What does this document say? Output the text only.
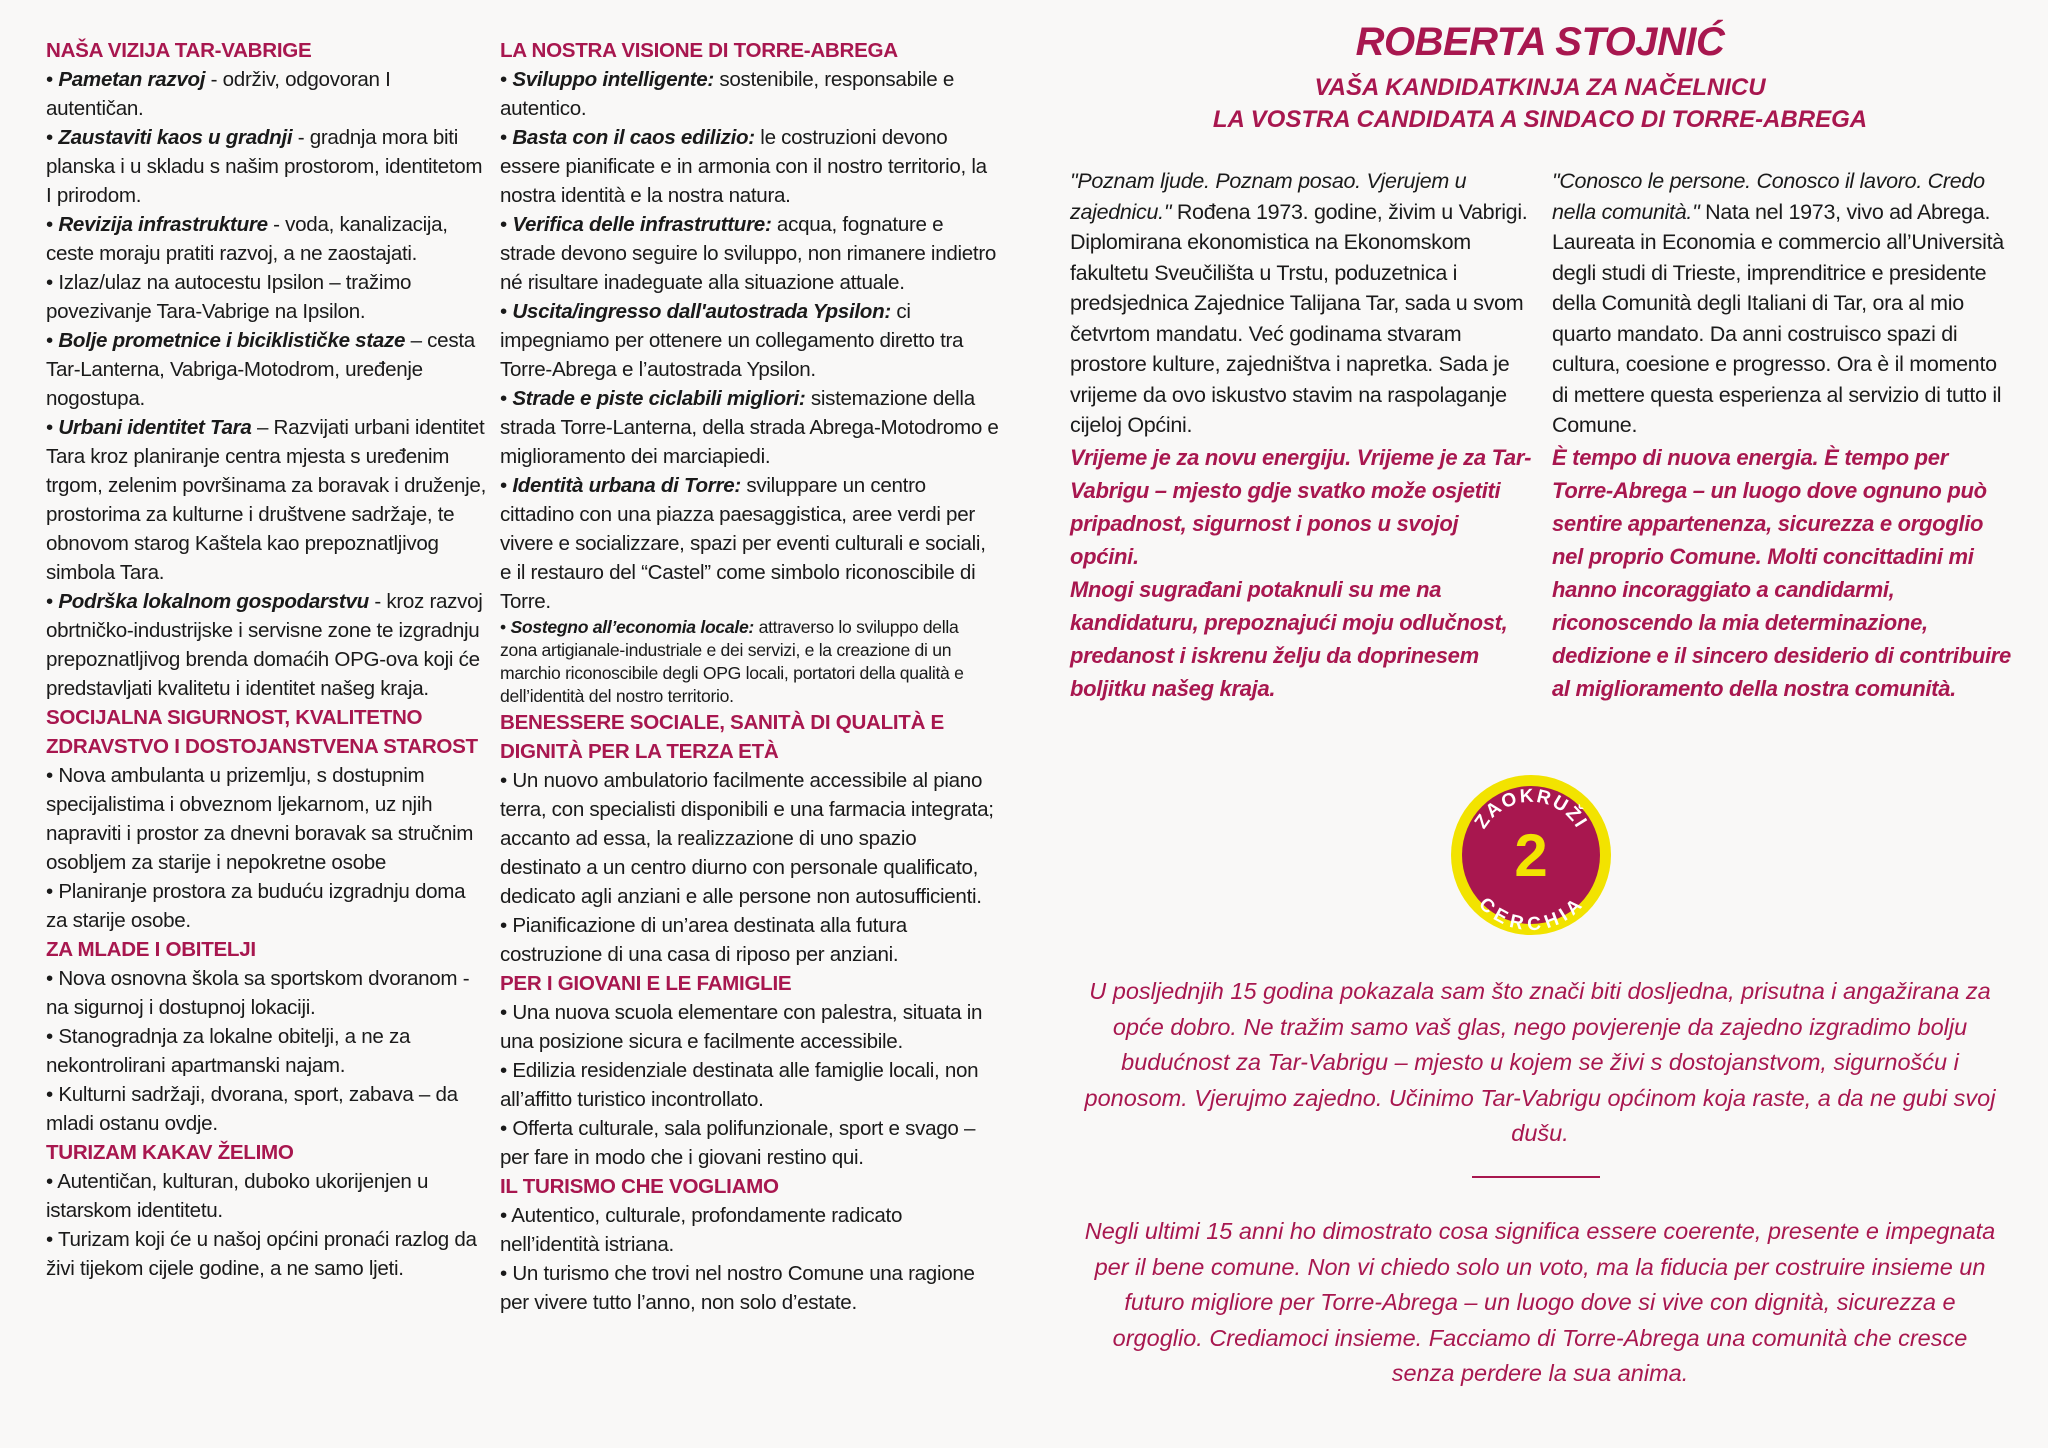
NAŠA VIZIJA TAR-VABRIGE
• Pametan razvoj - održiv, odgovoran I autentičan.
• Zaustaviti kaos u gradnji - gradnja mora biti planska i u skladu s našim prostorom, identitetom I prirodom.
• Revizija infrastrukture - voda, kanalizacija, ceste moraju pratiti razvoj, a ne zaostajati.
• Izlaz/ulaz na autocestu Ipsilon – tražimo povezivanje Tara-Vabrige na Ipsilon.
• Bolje prometnice i biciklističke staze – cesta Tar-Lanterna, Vabriga-Motodrom, uređenje nogostupa.
• Urbani identitet Tara – Razvijati urbani identitet Tara kroz planiranje centra mjesta s uređenim trgom, zelenim površinama za boravak i druženje, prostorima za kulturne i društvene sadržaje, te obnovom starog Kaštela kao prepoznatljivog simbola Tara.
• Podrška lokalnom gospodarstvu - kroz razvoj obrtničko-industrijske i servisne zone te izgradnju prepoznatljivog brenda domaćih OPG-ova koji će predstavljati kvalitetu i identitet našeg kraja.
SOCIJALNA SIGURNOST, KVALITETNO ZDRAVSTVO I DOSTOJANSTVENA STAROST
• Nova ambulanta u prizemlju, s dostupnim specijalistima i obveznom ljekarnom, uz njih napraviti i prostor za dnevni boravak sa stručnim osobljem za starije i nepokretne osobe
• Planiranje prostora za buduću izgradnju doma za starije osobe.
ZA MLADE I OBITELJI
• Nova osnovna škola sa sportskom dvoranom - na sigurnoj i dostupnoj lokaciji.
• Stanogradnja za lokalne obitelji, a ne za nekontrolirani apartmanski najam.
• Kulturni sadržaji, dvorana, sport, zabava – da mladi ostanu ovdje.
TURIZAM KAKAV ŽELIMO
• Autentičan, kulturan, duboko ukorijenjen u istarskom identitetu.
• Turizam koji će u našoj općini pronaći razlog da živi tijekom cijele godine, a ne samo ljeti.
LA NOSTRA VISIONE DI TORRE-ABREGA
• Sviluppo intelligente: sostenibile, responsabile e autentico.
• Basta con il caos edilizio: le costruzioni devono essere pianificate e in armonia con il nostro territorio, la nostra identità e la nostra natura.
• Verifica delle infrastrutture: acqua, fognature e strade devono seguire lo sviluppo, non rimanere indietro né risultare inadeguate alla situazione attuale.
• Uscita/ingresso dall'autostrada Ypsilon: ci impegniamo per ottenere un collegamento diretto tra Torre-Abrega e l’autostrada Ypsilon.
• Strade e piste ciclabili migliori: sistemazione della strada Torre-Lanterna, della strada Abrega-Motodromo e miglioramento dei marciapiedi.
• Identità urbana di Torre: sviluppare un centro cittadino con una piazza paesaggistica, aree verdi per vivere e socializzare, spazi per eventi culturali e sociali, e il restauro del “Castel” come simbolo riconoscibile di Torre.
• Sostegno all’economia locale: attraverso lo sviluppo della zona artigianale-industriale e dei servizi, e la creazione di un marchio riconoscibile degli OPG locali, portatori della qualità e dell’identità del nostro territorio.
BENESSERE SOCIALE, SANITÀ DI QUALITÀ E DIGNITÀ PER LA TERZA ETÀ
• Un nuovo ambulatorio facilmente accessibile al piano terra, con specialisti disponibili e una farmacia integrata; accanto ad essa, la realizzazione di uno spazio destinato a un centro diurno con personale qualificato, dedicato agli anziani e alle persone non autosufficienti.
• Pianificazione di un’area destinata alla futura costruzione di una casa di riposo per anziani.
PER I GIOVANI E LE FAMIGLIE
• Una nuova scuola elementare con palestra, situata in una posizione sicura e facilmente accessibile.
• Edilizia residenziale destinata alle famiglie locali, non all’affitto turistico incontrollato.
• Offerta culturale, sala polifunzionale, sport e svago – per fare in modo che i giovani restino qui.
IL TURISMO CHE VOGLIAMO
• Autentico, culturale, profondamente radicato nell’identità istriana.
• Un turismo che trovi nel nostro Comune una ragione per vivere tutto l’anno, non solo d’estate.
ROBERTA STOJNIĆ
VAŠA KANDIDATKINJA ZA NAČELNICU
LA VOSTRA CANDIDATA A SINDACO DI TORRE-ABREGA
"Poznam ljude. Poznam posao. Vjerujem u zajednicu." Rođena 1973. godine, živim u Vabrigi. Diplomirana ekonomistica na Ekonomskom fakultetu Sveučilišta u Trstu, poduzetnica i predsjednica Zajednice Talijana Tar, sada u svom četvrtom mandatu. Već godinama stvaram prostore kulture, zajedništva i napretka. Sada je vrijeme da ovo iskustvo stavim na raspolaganje cijeloj Općini.
Vrijeme je za novu energiju. Vrijeme je za Tar-Vabrigu – mjesto gdje svatko može osjetiti pripadnost, sigurnost i ponos u svojoj općini.
Mnogi sugrađani potaknuli su me na kandidaturu, prepoznajući moju odlučnost, predanost i iskrenu želju da doprinesem boljitku našeg kraja.
"Conosco le persone. Conosco il lavoro. Credo nella comunità." Nata nel 1973, vivo ad Abrega. Laureata in Economia e commercio all’Università degli studi di Trieste, imprenditrice e presidente della Comunità degli Italiani di Tar, ora al mio quarto mandato. Da anni costruisco spazi di cultura, coesione e progresso. Ora è il momento di mettere questa esperienza al servizio di tutto il Comune.
È tempo di nuova energia. È tempo per Torre-Abrega – un luogo dove ognuno può sentire appartenenza, sicurezza e orgoglio nel proprio Comune. Molti concittadini mi hanno incoraggiato a candidarmi, riconoscendo la mia determinazione, dedizione e il sincero desiderio di contribuire al miglioramento della nostra comunità.
ZAOKRUŽI
2
CERCHIA
U posljednjih 15 godina pokazala sam što znači biti dosljedna, prisutna i angažirana za opće dobro. Ne tražim samo vaš glas, nego povjerenje da zajedno izgradimo bolju budućnost za Tar-Vabrigu – mjesto u kojem se živi s dostojanstvom, sigurnošću i ponosom. Vjerujmo zajedno. Učinimo Tar-Vabrigu općinom koja raste, a da ne gubi svoj dušu.
Negli ultimi 15 anni ho dimostrato cosa significa essere coerente, presente e impegnata per il bene comune. Non vi chiedo solo un voto, ma la fiducia per costruire insieme un futuro migliore per Torre-Abrega – un luogo dove si vive con dignità, sicurezza e orgoglio. Crediamoci insieme. Facciamo di Torre-Abrega una comunità che cresce senza perdere la sua anima.
